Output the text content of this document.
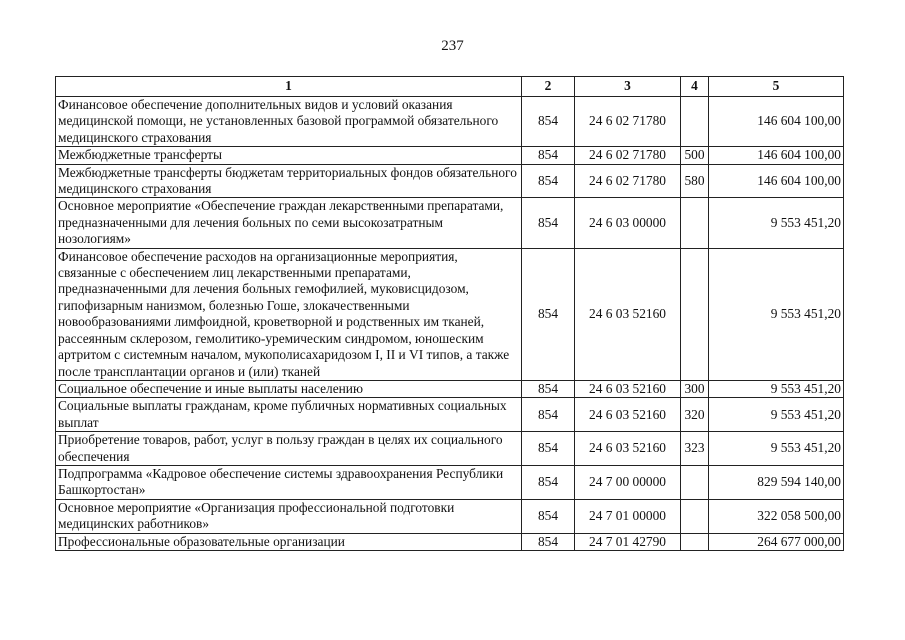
237
1	2	3	4	5
Финансовое обеспечение дополнительных видов и условий оказания медицинской помощи, не установленных базовой программой обязательного медицинского страхования	854	24 6 02 71780		146 604 100,00
Межбюджетные трансферты	854	24 6 02 71780	500	146 604 100,00
Межбюджетные трансферты бюджетам территориальных фондов обязательного медицинского страхования	854	24 6 02 71780	580	146 604 100,00
Основное мероприятие «Обеспечение граждан лекарственными препаратами, предназначенными для лечения больных по семи высокозатратным нозологиям»	854	24 6 03 00000		9 553 451,20
Финансовое обеспечение расходов на организационные мероприятия, связанные с обеспечением лиц лекарственными препаратами, предназначенными для лечения больных гемофилией, муковисцидозом, гипофизарным нанизмом, болезнью Гоше, злокачественными новообразованиями лимфоидной, кроветворной и родственных им тканей, рассеянным склерозом, гемолитико-уремическим синдромом, юношеским артритом с системным началом, мукополисахаридозом I, II и VI типов, а также после трансплантации органов и (или) тканей	854	24 6 03 52160		9 553 451,20
Социальное обеспечение и иные выплаты населению	854	24 6 03 52160	300	9 553 451,20
Социальные выплаты гражданам, кроме публичных нормативных социальных выплат	854	24 6 03 52160	320	9 553 451,20
Приобретение товаров, работ, услуг в пользу граждан в целях их социального обеспечения	854	24 6 03 52160	323	9 553 451,20
Подпрограмма «Кадровое обеспечение системы здравоохранения Республики Башкортостан»	854	24 7 00 00000		829 594 140,00
Основное мероприятие «Организация профессиональной подготовки медицинских работников»	854	24 7 01 00000		322 058 500,00
Профессиональные образовательные организации	854	24 7 01 42790		264 677 000,00
